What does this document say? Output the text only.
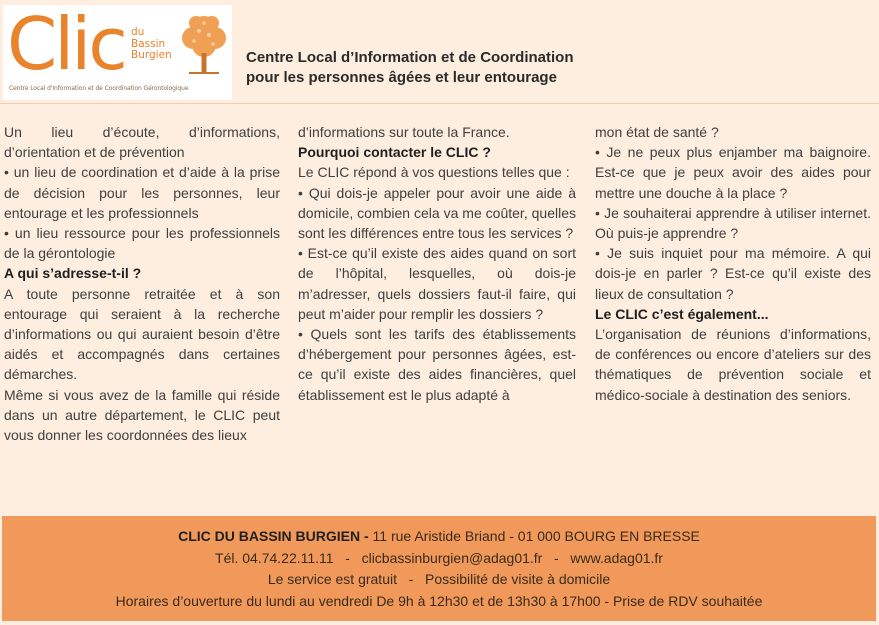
Clic du
Bassin
Burgien
Centre Local d'Information et de Coordination Gérontologique
Centre Local d’Information et de Coordination
pour les personnes âgées et leur entourage

Un lieu d’écoute, d’informations, d’orientation et de prévention

• un lieu de coordination et d’aide à la prise de décision pour les personnes, leur entourage et les professionnels

• un lieu ressource pour les professionnels de la gérontologie

A qui s’adresse-t-il ?

A toute personne retraitée et à son entourage qui seraient à la recherche d’informations ou qui auraient besoin d’être aidés et accompagnés dans certaines démarches.

Même si vous avez de la famille qui réside dans un autre département, le CLIC peut vous donner les coordonnées des lieux

d’informations sur toute la France.

Pourquoi contacter le CLIC ?

Le CLIC répond à vos questions telles que :

• Qui dois-je appeler pour avoir une aide à domicile, combien cela va me coûter, quelles sont les différences entre tous les services ?

• Est-ce qu’il existe des aides quand on sort de l’hôpital, lesquelles, où dois-je m’adresser, quels dossiers faut-il faire, qui peut m’aider pour remplir les dossiers ?

• Quels sont les tarifs des établissements d’hébergement pour personnes âgées, est-ce qu’il existe des aides financières, quel établissement est le plus adapté à

mon état de santé ?

• Je ne peux plus enjamber ma baignoire. Est-ce que je peux avoir des aides pour mettre une douche à la place ?

• Je souhaiterai apprendre à utiliser internet. Où puis-je apprendre ?

• Je suis inquiet pour ma mémoire. A qui dois-je en parler ? Est-ce qu’il existe des lieux de consultation ?

Le CLIC c’est également...

L’organisation de réunions d’informations, de conférences ou encore d’ateliers sur des thématiques de prévention sociale et médico-sociale à destination des seniors.

CLIC DU BASSIN BURGIEN - 11 rue Aristide Briand - 01 000 BOURG EN BRESSE
Tél. 04.74.22.11.11   -   clicbassinburgien@adag01.fr   -   www.adag01.fr
Le service est gratuit   -   Possibilité de visite à domicile
Horaires d’ouverture du lundi au vendredi De 9h à 12h30 et de 13h30 à 17h00 - Prise de RDV souhaitée
